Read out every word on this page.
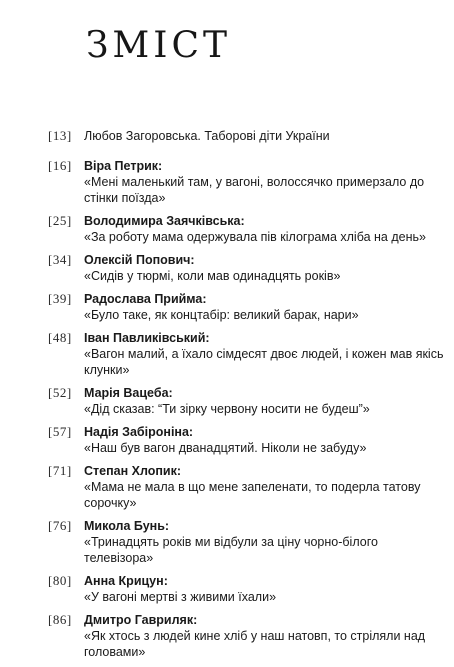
ЗМІСТ
[13] Любов Загоровська. Таборові діти України
[16] Віра Петрик:
«Мені маленький там, у вагоні, волоссячко примерзало до стінки поїзда»
[25] Володимира Заячківська:
«За роботу мама одержувала пів кілограма хліба на день»
[34] Олексій Попович:
«Сидів у тюрмі, коли мав одинадцять років»
[39] Радослава Прийма:
«Було таке, як концтабір: великий барак, нари»
[48] Іван Павликівський:
«Вагон малий, а їхало сімдесят двоє людей, і кожен мав якісь клунки»
[52] Марія Вацеба:
«Дід сказав: “Ти зірку червону носити не будеш”»
[57] Надія Забіроніна:
«Наш був вагон дванадцятий. Ніколи не забуду»
[71] Степан Хлопик:
«Мама не мала в що мене запеленати, то подерла татову сорочку»
[76] Микола Бунь:
«Тринадцять років ми відбули за ціну чорно-білого телевізора»
[80] Анна Крицун:
«У вагоні мертві з живими їхали»
[86] Дмитро Гавриляк:
«Як хтось з людей кине хліб у наш натовп, то стріляли над головами»
